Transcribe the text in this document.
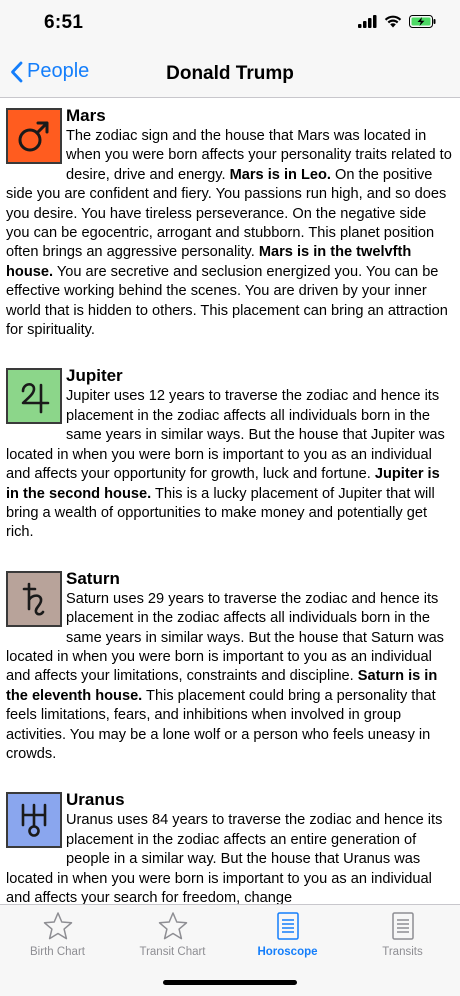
6:51
People	Donald Trump
Mars
The zodiac sign and the house that Mars was located in when you were born affects your personality traits related to desire, drive and energy. Mars is in Leo. On the positive side you are confident and fiery. You passions run high, and so does you desire. You have tireless perseverance. On the negative side you can be egocentric, arrogant and stubborn. This planet position often brings an aggressive personality. Mars is in the twelvfth house. You are secretive and seclusion energized you. You can be effective working behind the scenes. You are driven by your inner world that is hidden to others. This placement can bring an attraction for spirituality.
Jupiter
Jupiter uses 12 years to traverse the zodiac and hence its placement in the zodiac affects all individuals born in the same years in similar ways. But the house that Jupiter was located in when you were born is important to you as an individual and affects your opportunity for growth, luck and fortune. Jupiter is in the second house. This is a lucky placement of Jupiter that will bring a wealth of opportunities to make money and potentially get rich.
Saturn
Saturn uses 29 years to traverse the zodiac and hence its placement in the zodiac affects all individuals born in the same years in similar ways. But the house that Saturn was located in when you were born is important to you as an individual and affects your limitations, constraints and discipline. Saturn is in the eleventh house. This placement could bring a personality that feels limitations, fears, and inhibitions when involved in group activities. You may be a lone wolf or a person who feels uneasy in crowds.
Uranus
Uranus uses 84 years to traverse the zodiac and hence its placement in the zodiac affects an entire generation of people in a similar way. But the house that Uranus was located in when you were born is important to you as an individual and affects your search for freedom, change
Birth Chart	Transit Chart	Horoscope	Transits
